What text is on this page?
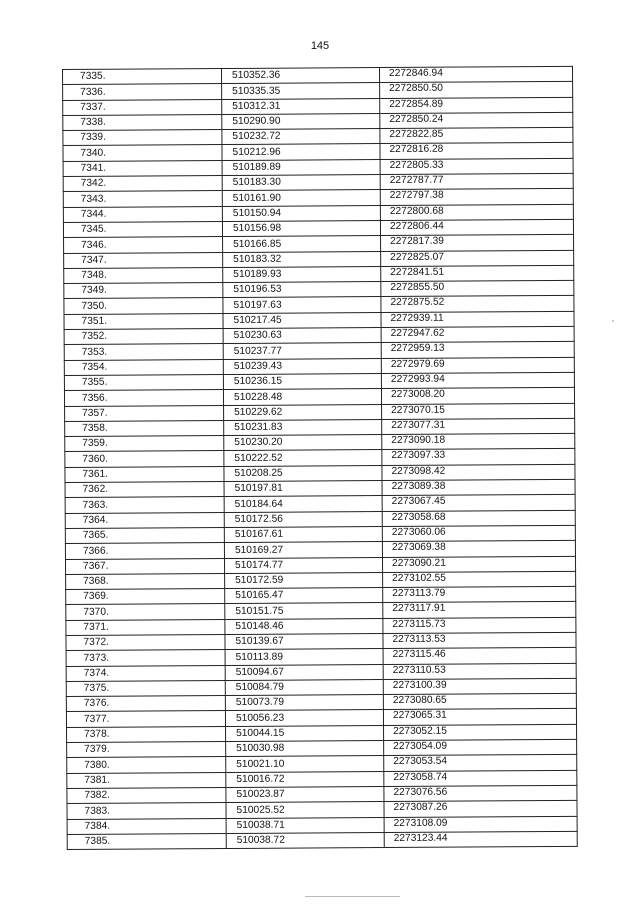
145
7335.	510352.36	2272846.94
7336.	510335.35	2272850.50
7337.	510312.31	2272854.89
7338.	510290.90	2272850.24
7339.	510232.72	2272822.85
7340.	510212.96	2272816.28
7341.	510189.89	2272805.33
7342.	510183.30	2272787.77
7343.	510161.90	2272797.38
7344.	510150.94	2272800.68
7345.	510156.98	2272806.44
7346.	510166.85	2272817.39
7347.	510183.32	2272825.07
7348.	510189.93	2272841.51
7349.	510196.53	2272855.50
7350.	510197.63	2272875.52
7351.	510217.45	2272939.11
7352.	510230.63	2272947.62
7353.	510237.77	2272959.13
7354.	510239.43	2272979.69
7355.	510236.15	2272993.94
7356.	510228.48	2273008.20
7357.	510229.62	2273070.15
7358.	510231.83	2273077.31
7359.	510230.20	2273090.18
7360.	510222.52	2273097.33
7361.	510208.25	2273098.42
7362.	510197.81	2273089.38
7363.	510184.64	2273067.45
7364.	510172.56	2273058.68
7365.	510167.61	2273060.06
7366.	510169.27	2273069.38
7367.	510174.77	2273090.21
7368.	510172.59	2273102.55
7369.	510165.47	2273113.79
7370.	510151.75	2273117.91
7371.	510148.46	2273115.73
7372.	510139.67	2273113.53
7373.	510113.89	2273115.46
7374.	510094.67	2273110.53
7375.	510084.79	2273100.39
7376.	510073.79	2273080.65
7377.	510056.23	2273065.31
7378.	510044.15	2273052.15
7379.	510030.98	2273054.09
7380.	510021.10	2273053.54
7381.	510016.72	2273058.74
7382.	510023.87	2273076.56
7383.	510025.52	2273087.26
7384.	510038.71	2273108.09
7385.	510038.72	2273123.44
